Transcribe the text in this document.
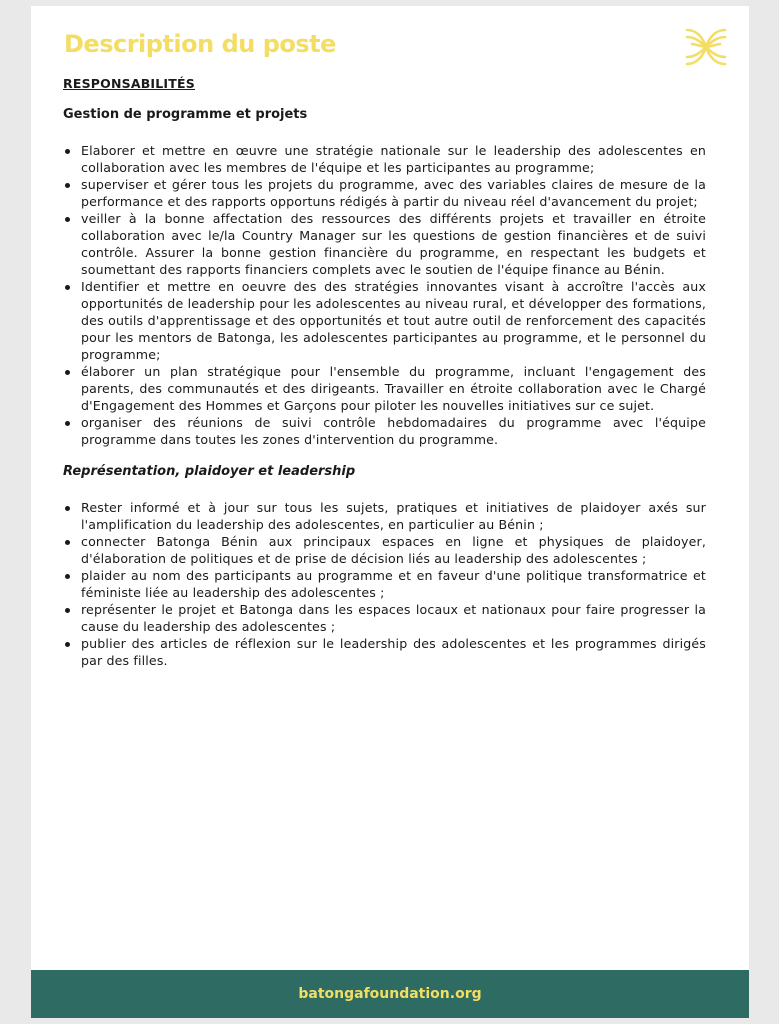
Description du poste
RESPONSABILITÉS
Gestion de programme et projets
Elaborer et mettre en œuvre une stratégie nationale sur le leadership des adolescentes en collaboration avec les membres de l'équipe et les participantes au programme;
superviser et gérer tous les projets du programme, avec des variables claires de mesure de la performance et des rapports opportuns rédigés à partir du niveau réel d'avancement du projet;
veiller à la bonne affectation des ressources des différents projets et travailler en étroite collaboration avec le/la Country Manager sur les questions de gestion financières et de suivi contrôle. Assurer la bonne gestion financière du programme, en respectant les budgets et soumettant des rapports financiers complets avec le soutien de l'équipe finance au Bénin.
Identifier et mettre en oeuvre des des stratégies innovantes visant à accroître l'accès aux opportunités de leadership pour les adolescentes au niveau rural, et développer des formations, des outils d'apprentissage et des opportunités et tout autre outil de renforcement des capacités pour les mentors de Batonga, les adolescentes participantes au programme, et le personnel du programme;
élaborer un plan stratégique pour l'ensemble du programme, incluant l'engagement des parents, des communautés et des dirigeants. Travailler en étroite collaboration avec le Chargé d'Engagement des Hommes et Garçons pour piloter les nouvelles initiatives sur ce sujet.
organiser des réunions de suivi contrôle hebdomadaires du programme avec l'équipe programme dans toutes les zones d'intervention du programme.
Représentation, plaidoyer et leadership
Rester informé et à jour sur tous les sujets, pratiques et initiatives de plaidoyer axés sur l'amplification du leadership des adolescentes, en particulier au Bénin ;
connecter Batonga Bénin aux principaux espaces en ligne et physiques de plaidoyer, d'élaboration de politiques et de prise de décision liés au leadership des adolescentes ;
plaider au nom des participants au programme et en faveur d'une politique transformatrice et féministe liée au leadership des adolescentes ;
représenter le projet et Batonga dans les espaces locaux et nationaux pour faire progresser la cause du leadership des adolescentes ;
publier des articles de réflexion sur le leadership des adolescentes et les programmes dirigés par des filles.
batongafoundation.org
